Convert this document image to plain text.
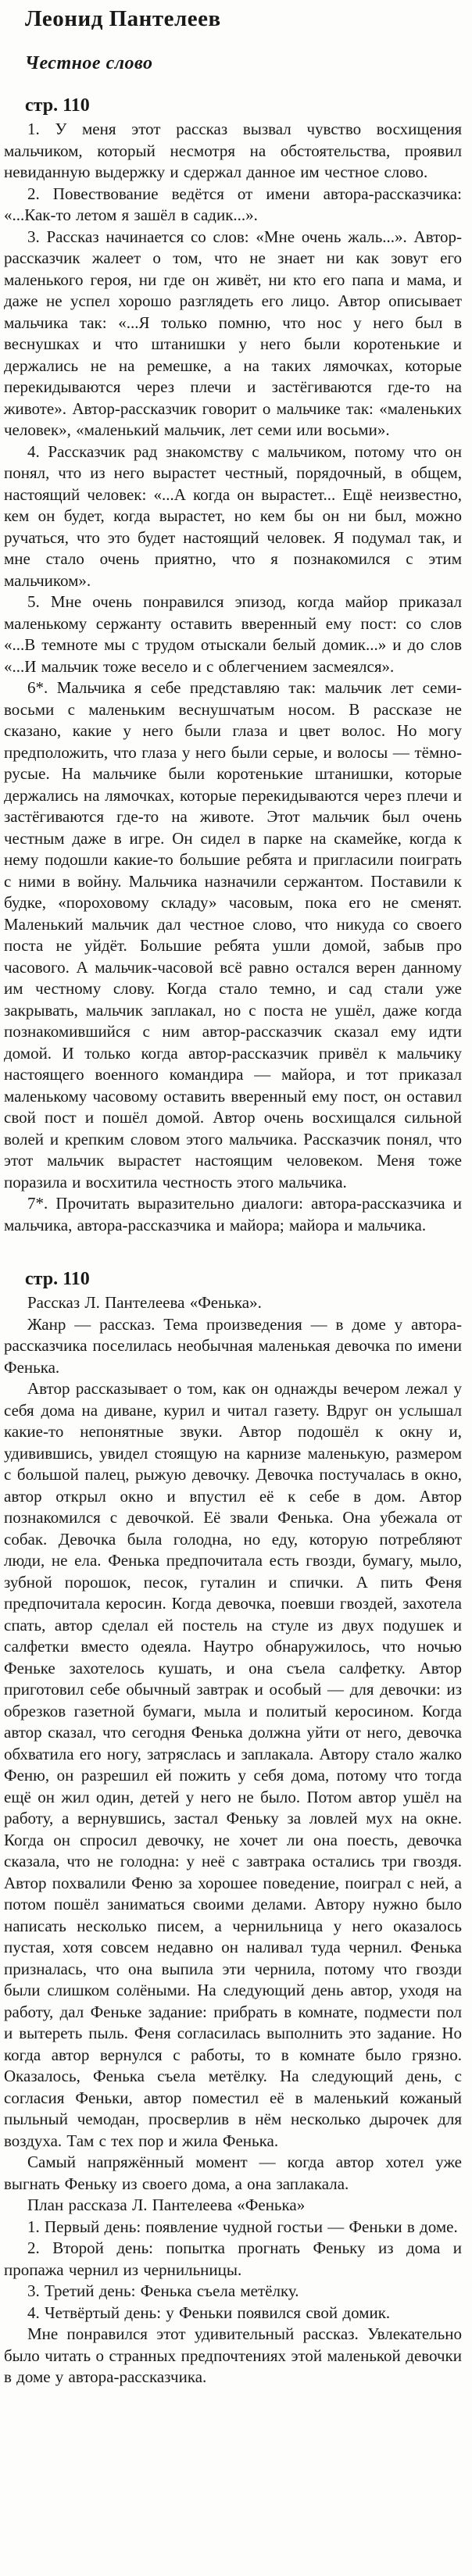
Леонид Пантелеев
Честное слово
стр. 110

1. У меня этот рассказ вызвал чувство восхищения мальчиком, который несмотря на обстоятельства, проявил невиданную выдержку и сдержал данное им честное слово.

2. Повествование ведётся от имени автора-рассказчика: «...Как-то летом я зашёл в садик...».

3. Рассказ начинается со слов: «Мне очень жаль...». Автор-рассказчик жалеет о том, что не знает ни как зовут его маленького героя, ни где он живёт, ни кто его папа и мама, и даже не успел хорошо разглядеть его лицо. Автор описывает мальчика так: «...Я только помню, что нос у него был в веснушках и что штанишки у него были коротенькие и держались не на ремешке, а на таких лямочках, которые перекидываются через плечи и застёгиваются где-то на животе». Автор-рассказчик говорит о мальчике так: «маленьких человек», «маленький мальчик, лет семи или восьми».

4. Рассказчик рад знакомству с мальчиком, потому что он понял, что из него вырастет честный, порядочный, в общем, настоящий человек: «...А когда он вырастет... Ещё неизвестно, кем он будет, когда вырастет, но кем бы он ни был, можно ручаться, что это будет настоящий человек. Я подумал так, и мне стало очень приятно, что я познакомился с этим мальчиком».

5. Мне очень понравился эпизод, когда майор приказал маленькому сержанту оставить вверенный ему пост: со слов «...В темноте мы с трудом отыскали белый домик...» и до слов «...И мальчик тоже весело и с облегчением засмеялся».

6*. Мальчика я себе представляю так: мальчик лет семи-восьми с маленьким веснушчатым носом. В рассказе не сказано, какие у него были глаза и цвет волос. Но могу предположить, что глаза у него были серые, и волосы — тёмно-русые. На мальчике были коротенькие штанишки, которые держались на лямочках, которые перекидываются через плечи и застёгиваются где-то на животе. Этот мальчик был очень честным даже в игре. Он сидел в парке на скамейке, когда к нему подошли какие-то большие ребята и пригласили поиграть с ними в войну. Мальчика назначили сержантом. Поставили к будке, «пороховому складу» часовым, пока его не сменят. Маленький мальчик дал честное слово, что никуда со своего поста не уйдёт. Большие ребята ушли домой, забыв про часового. А мальчик-часовой всё равно остался верен данному им честному слову. Когда стало темно, и сад стали уже закрывать, мальчик заплакал, но с поста не ушёл, даже когда познакомившийся с ним автор-рассказчик сказал ему идти домой. И только когда автор-рассказчик привёл к мальчику настоящего военного командира — майора, и тот приказал маленькому часовому оставить вверенный ему пост, он оставил свой пост и пошёл домой. Автор очень восхищался сильной волей и крепким словом этого мальчика. Рассказчик понял, что этот мальчик вырастет настоящим человеком. Меня тоже поразила и восхитила честность этого мальчика.

7*. Прочитать выразительно диалоги: автора-рассказчика и мальчика, автора-рассказчика и майора; майора и мальчика.

стр. 110

Рассказ Л. Пантелеева «Фенька».

Жанр — рассказ. Тема произведения — в доме у автора-рассказчика поселилась необычная маленькая девочка по имени Фенька.

Автор рассказывает о том, как он однажды вечером лежал у себя дома на диване, курил и читал газету. Вдруг он услышал какие-то непонятные звуки. Автор подошёл к окну и, удивившись, увидел стоящую на карнизе маленькую, размером с большой палец, рыжую девочку. Девочка постучалась в окно, автор открыл окно и впустил её к себе в дом. Автор познакомился с девочкой. Её звали Фенька. Она убежала от собак. Девочка была голодна, но еду, которую потребляют люди, не ела. Фенька предпочитала есть гвозди, бумагу, мыло, зубной порошок, песок, гуталин и спички. А пить Феня предпочитала керосин. Когда девочка, поевши гвоздей, захотела спать, автор сделал ей постель на стуле из двух подушек и салфетки вместо одеяла. Наутро обнаружилось, что ночью Феньке захотелось кушать, и она съела салфетку. Автор приготовил себе обычный завтрак и особый — для девочки: из обрезков газетной бумаги, мыла и политый керосином. Когда автор сказал, что сегодня Фенька должна уйти от него, девочка обхватила его ногу, затряслась и заплакала. Автору стало жалко Феню, он разрешил ей пожить у себя дома, потому что тогда ещё он жил один, детей у него не было. Потом автор ушёл на работу, а вернувшись, застал Феньку за ловлей мух на окне. Когда он спросил девочку, не хочет ли она поесть, девочка сказала, что не голодна: у неё с завтрака остались три гвоздя. Автор похвалили Феню за хорошее поведение, поиграл с ней, а потом пошёл заниматься своими делами. Автору нужно было написать несколько писем, а чернильница у него оказалось пустая, хотя совсем недавно он наливал туда чернил. Фенька призналась, что она выпила эти чернила, потому что гвозди были слишком солёными. На следующий день автор, уходя на работу, дал Феньке задание: прибрать в комнате, подмести пол и вытереть пыль. Феня согласилась выполнить это задание. Но когда автор вернулся с работы, то в комнате было грязно. Оказалось, Фенька съела метёлку. На следующий день, с согласия Феньки, автор поместил её в маленький кожаный пыльный чемодан, просверлив в нём несколько дырочек для воздуха. Там с тех пор и жила Фенька.

Самый напряжённый момент — когда автор хотел уже выгнать Феньку из своего дома, а она заплакала.

План рассказа Л. Пантелеева «Фенька»

1. Первый день: появление чудной гостьи — Феньки в доме.

2. Второй день: попытка прогнать Феньку из дома и пропажа чернил из чернильницы.

3. Третий день: Фенька съела метёлку.

4. Четвёртый день: у Феньки появился свой домик.

Мне понравился этот удивительный рассказ. Увлекательно было читать о странных предпочтениях этой маленькой девочки в доме у автора-рассказчика.
